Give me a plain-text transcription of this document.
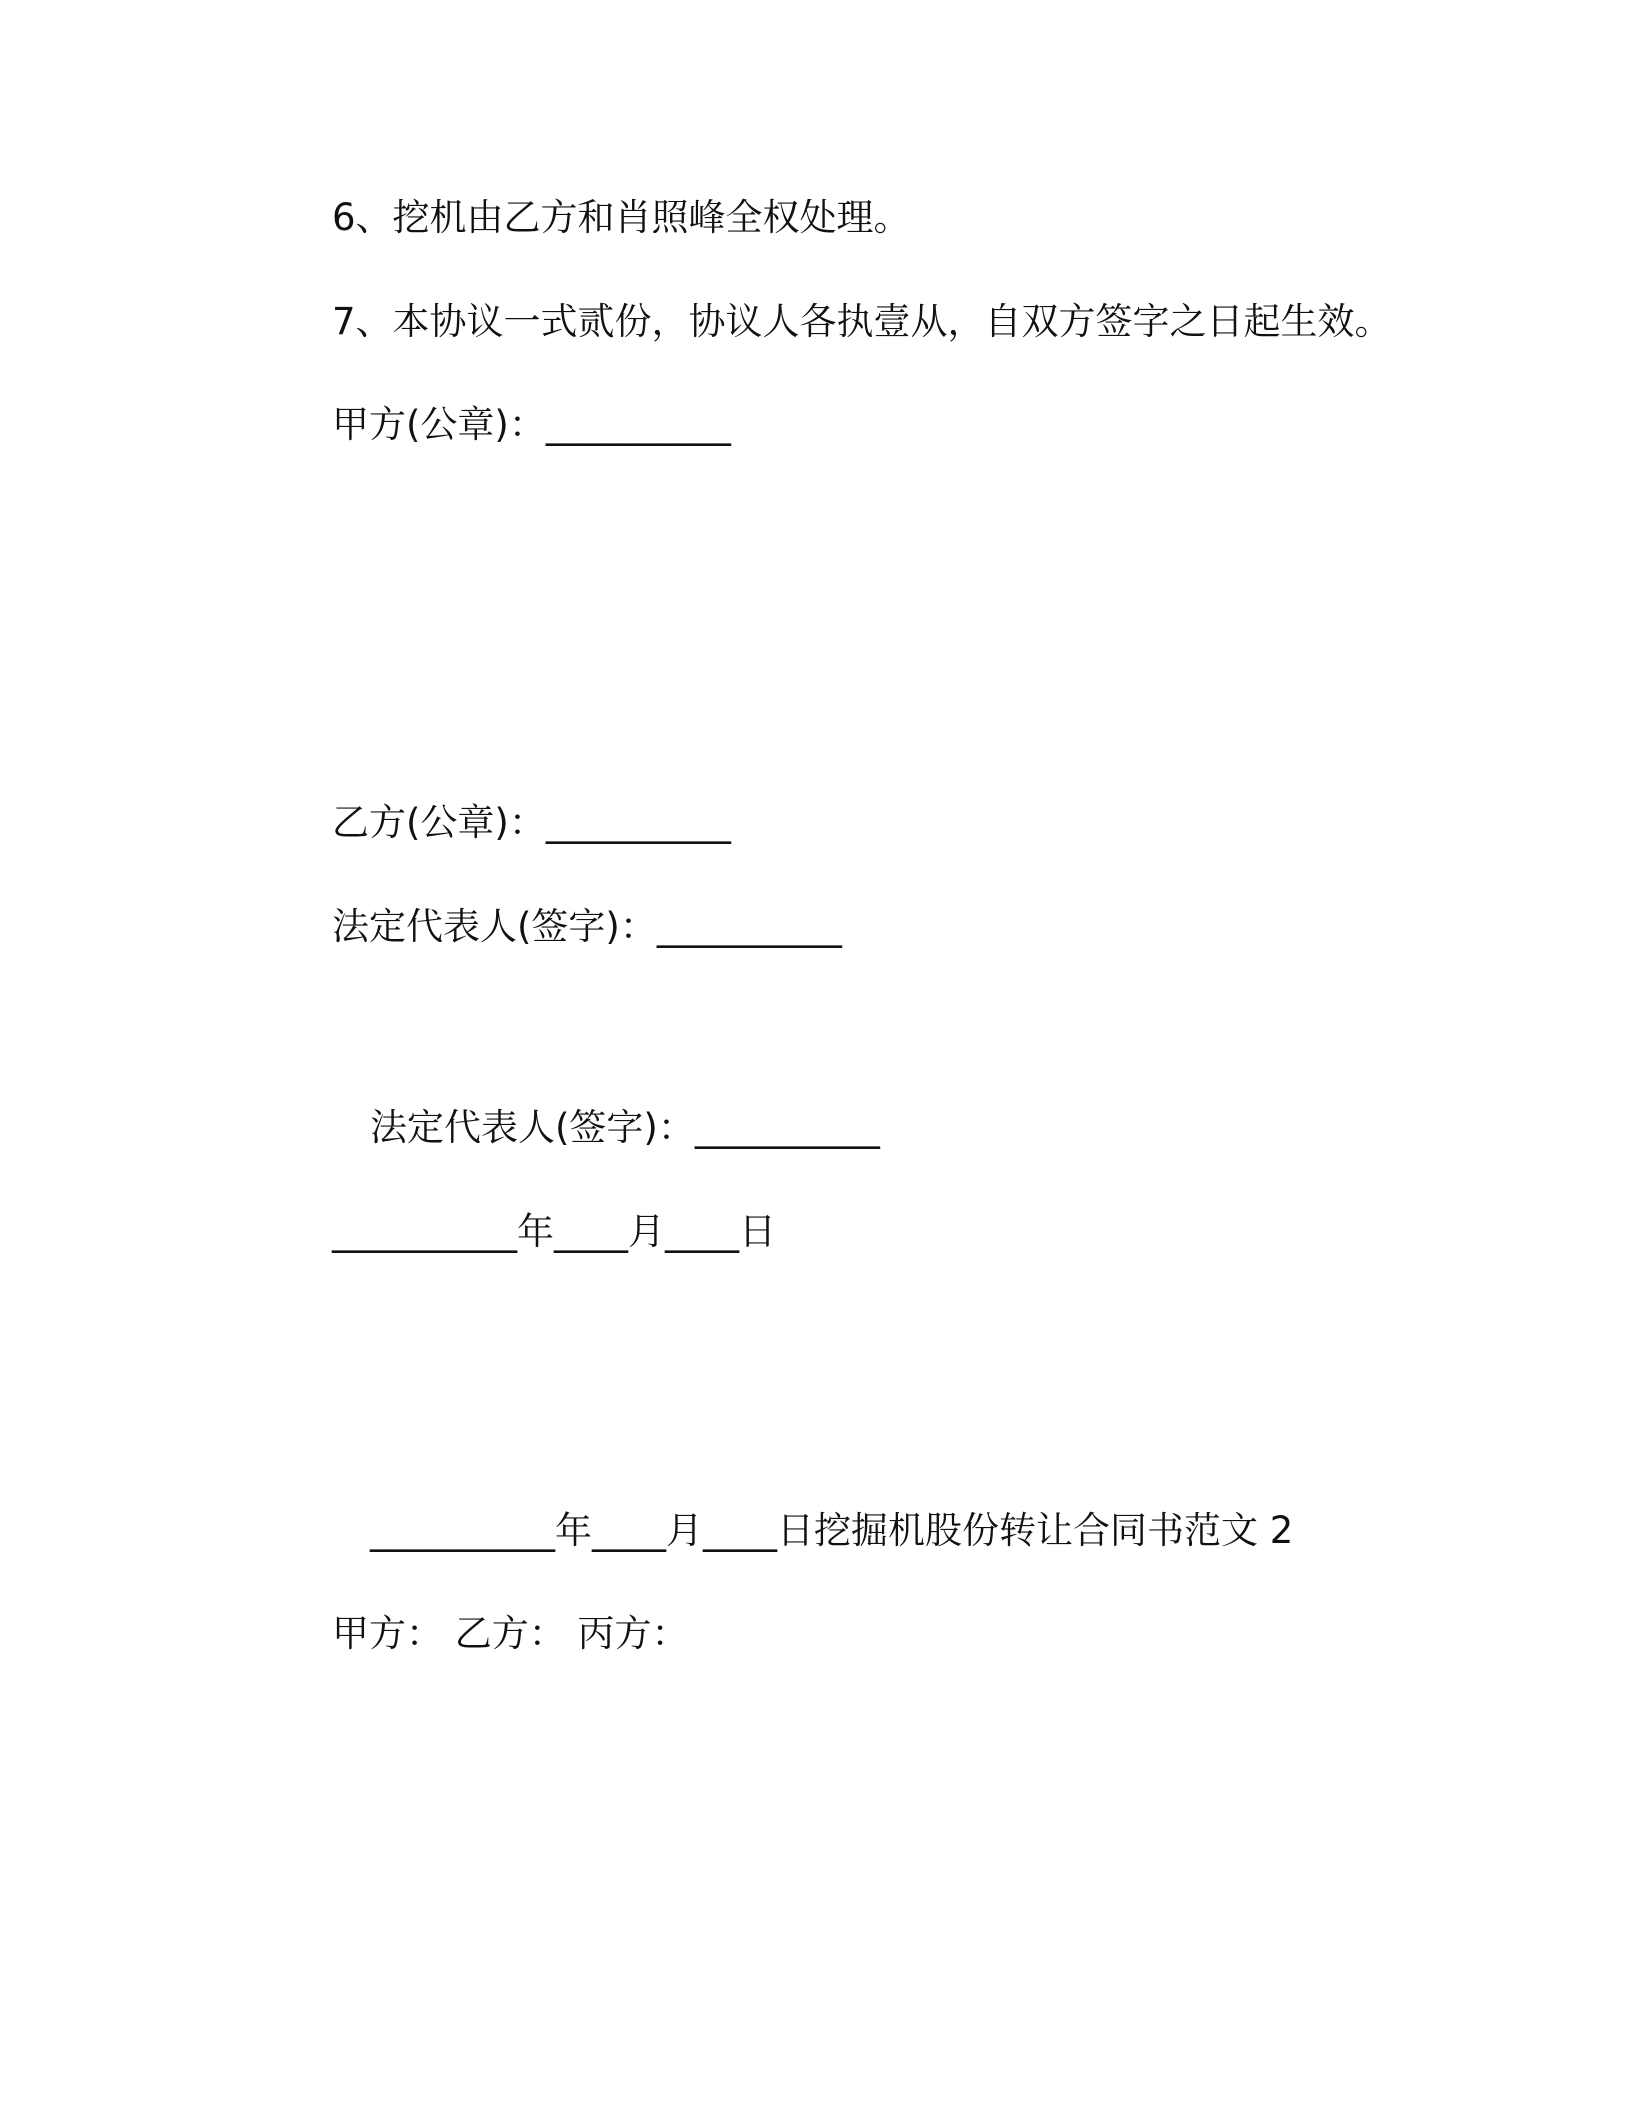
6、挖机由乙方和肖照峰全权处理。
7、本协议一式贰份，协议人各执壹从，自双方签字之日起生效。
甲方(公章)：__________
乙方(公章)：__________
法定代表人(签字)：__________
法定代表人(签字)：__________
__________年____月____日
__________年____月____日挖掘机股份转让合同书范文 2
甲方： 乙方： 丙方：
